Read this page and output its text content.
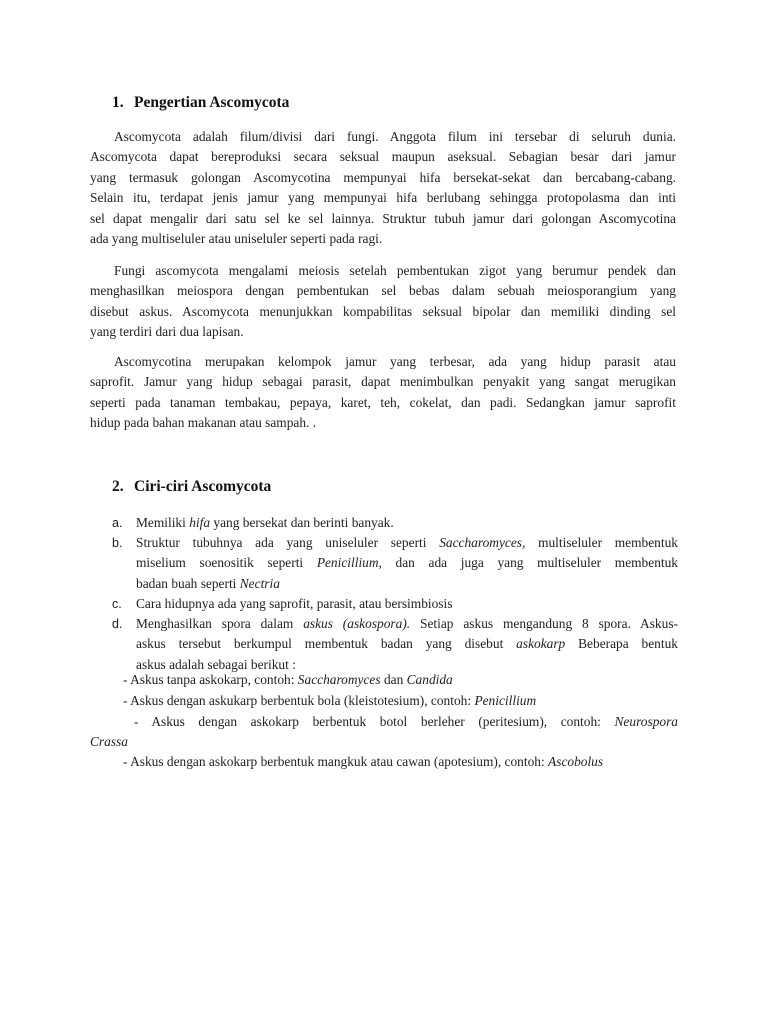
1. Pengertian Ascomycota
Ascomycota adalah filum/divisi dari fungi. Anggota filum ini tersebar di seluruh dunia.
Ascomycota dapat bereproduksi secara seksual maupun aseksual. Sebagian besar dari jamur
yang termasuk golongan Ascomycotina mempunyai hifa bersekat-sekat dan bercabang-cabang.
Selain itu, terdapat jenis jamur yang mempunyai hifa berlubang sehingga protopolasma dan inti
sel dapat mengalir dari satu sel ke sel lainnya. Struktur tubuh jamur dari golongan Ascomycotina
ada yang multiseluler atau uniseluler seperti pada ragi.
Fungi ascomycota mengalami meiosis setelah pembentukan zigot yang berumur pendek dan
menghasilkan meiospora dengan pembentukan sel bebas dalam sebuah meiosporangium yang
disebut askus. Ascomycota menunjukkan kompabilitas seksual bipolar dan memiliki dinding sel
yang terdiri dari dua lapisan.
Ascomycotina merupakan kelompok jamur yang terbesar, ada yang hidup parasit atau
saprofit. Jamur yang hidup sebagai parasit, dapat menimbulkan penyakit yang sangat merugikan
seperti pada tanaman tembakau, pepaya, karet, teh, cokelat, dan padi. Sedangkan jamur saprofit
hidup pada bahan makanan atau sampah. .
2. Ciri-ciri Ascomycota
a. Memiliki hifa yang bersekat dan berinti banyak.
b. Struktur tubuhnya ada yang uniseluler seperti Saccharomyces, multiseluler membentuk
miselium soenositik seperti Penicillium, dan ada juga yang multiseluler membentuk
badan buah seperti Nectria
c. Cara hidupnya ada yang saprofit, parasit, atau bersimbiosis
d. Menghasilkan spora dalam askus (askospora). Setiap askus mengandung 8 spora. Askus-
askus tersebut berkumpul membentuk badan yang disebut askokarp Beberapa bentuk
askus adalah sebagai berikut :
- Askus tanpa askokarp, contoh: Saccharomyces dan Candida
- Askus dengan askukarp berbentuk bola (kleistotesium), contoh: Penicillium
- Askus dengan askokarp berbentuk botol berleher (peritesium), contoh: Neurospora
Crassa
- Askus dengan askokarp berbentuk mangkuk atau cawan (apotesium), contoh: Ascobolus
